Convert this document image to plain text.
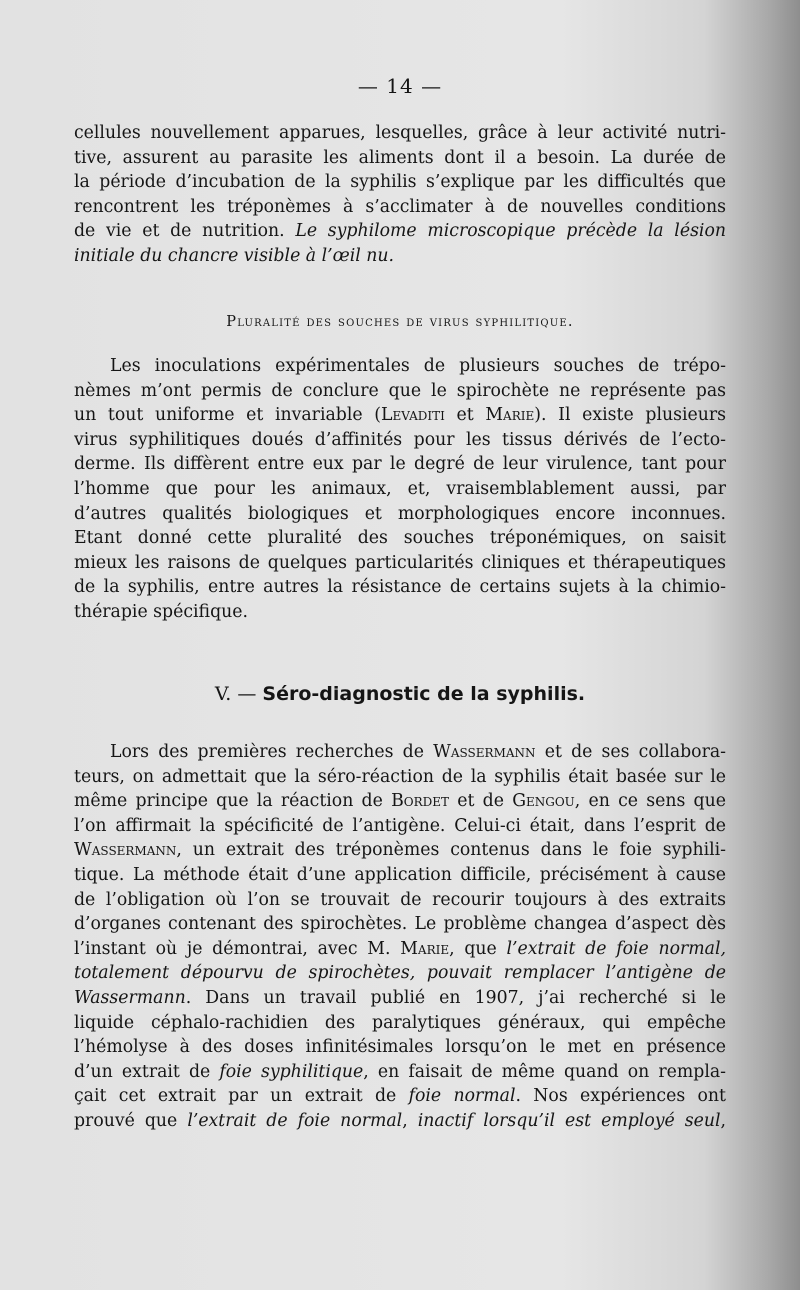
— 14 —
cellules nouvellement apparues, lesquelles, grâce à leur activité nutri-
tive, assurent au parasite les aliments dont il a besoin. La durée de
la période d’incubation de la syphilis s’explique par les difficultés que
rencontrent les tréponèmes à s’acclimater à de nouvelles conditions
de vie et de nutrition. Le syphilome microscopique précède la lésion
initiale du chancre visible à l’œil nu.
Pluralité des souches de virus syphilitique.
Les inoculations expérimentales de plusieurs souches de trépo-
nèmes m’ont permis de conclure que le spirochète ne représente pas
un tout uniforme et invariable (Levaditi et Marie). Il existe plusieurs
virus syphilitiques doués d’affinités pour les tissus dérivés de l’ecto-
derme. Ils diffèrent entre eux par le degré de leur virulence, tant pour
l’homme que pour les animaux, et, vraisemblablement aussi, par
d’autres qualités biologiques et morphologiques encore inconnues.
Etant donné cette pluralité des souches tréponémiques, on saisit
mieux les raisons de quelques particularités cliniques et thérapeutiques
de la syphilis, entre autres la résistance de certains sujets à la chimio-
thérapie spécifique.
V. — Séro-diagnostic de la syphilis.
Lors des premières recherches de Wassermann et de ses collabora-
teurs, on admettait que la séro-réaction de la syphilis était basée sur le
même principe que la réaction de Bordet et de Gengou, en ce sens que
l’on affirmait la spécificité de l’antigène. Celui-ci était, dans l’esprit de
Wassermann, un extrait des tréponèmes contenus dans le foie syphili-
tique. La méthode était d’une application difficile, précisément à cause
de l’obligation où l’on se trouvait de recourir toujours à des extraits
d’organes contenant des spirochètes. Le problème changea d’aspect dès
l’instant où je démontrai, avec M. Marie, que l’extrait de foie normal,
totalement dépourvu de spirochètes, pouvait remplacer l’antigène de
Wassermann. Dans un travail publié en 1907, j’ai recherché si le
liquide céphalo-rachidien des paralytiques généraux, qui empêche
l’hémolyse à des doses infinitésimales lorsqu’on le met en présence
d’un extrait de foie syphilitique, en faisait de même quand on rempla-
çait cet extrait par un extrait de foie normal. Nos expériences ont
prouvé que l’extrait de foie normal, inactif lorsqu’il est employé seul,
